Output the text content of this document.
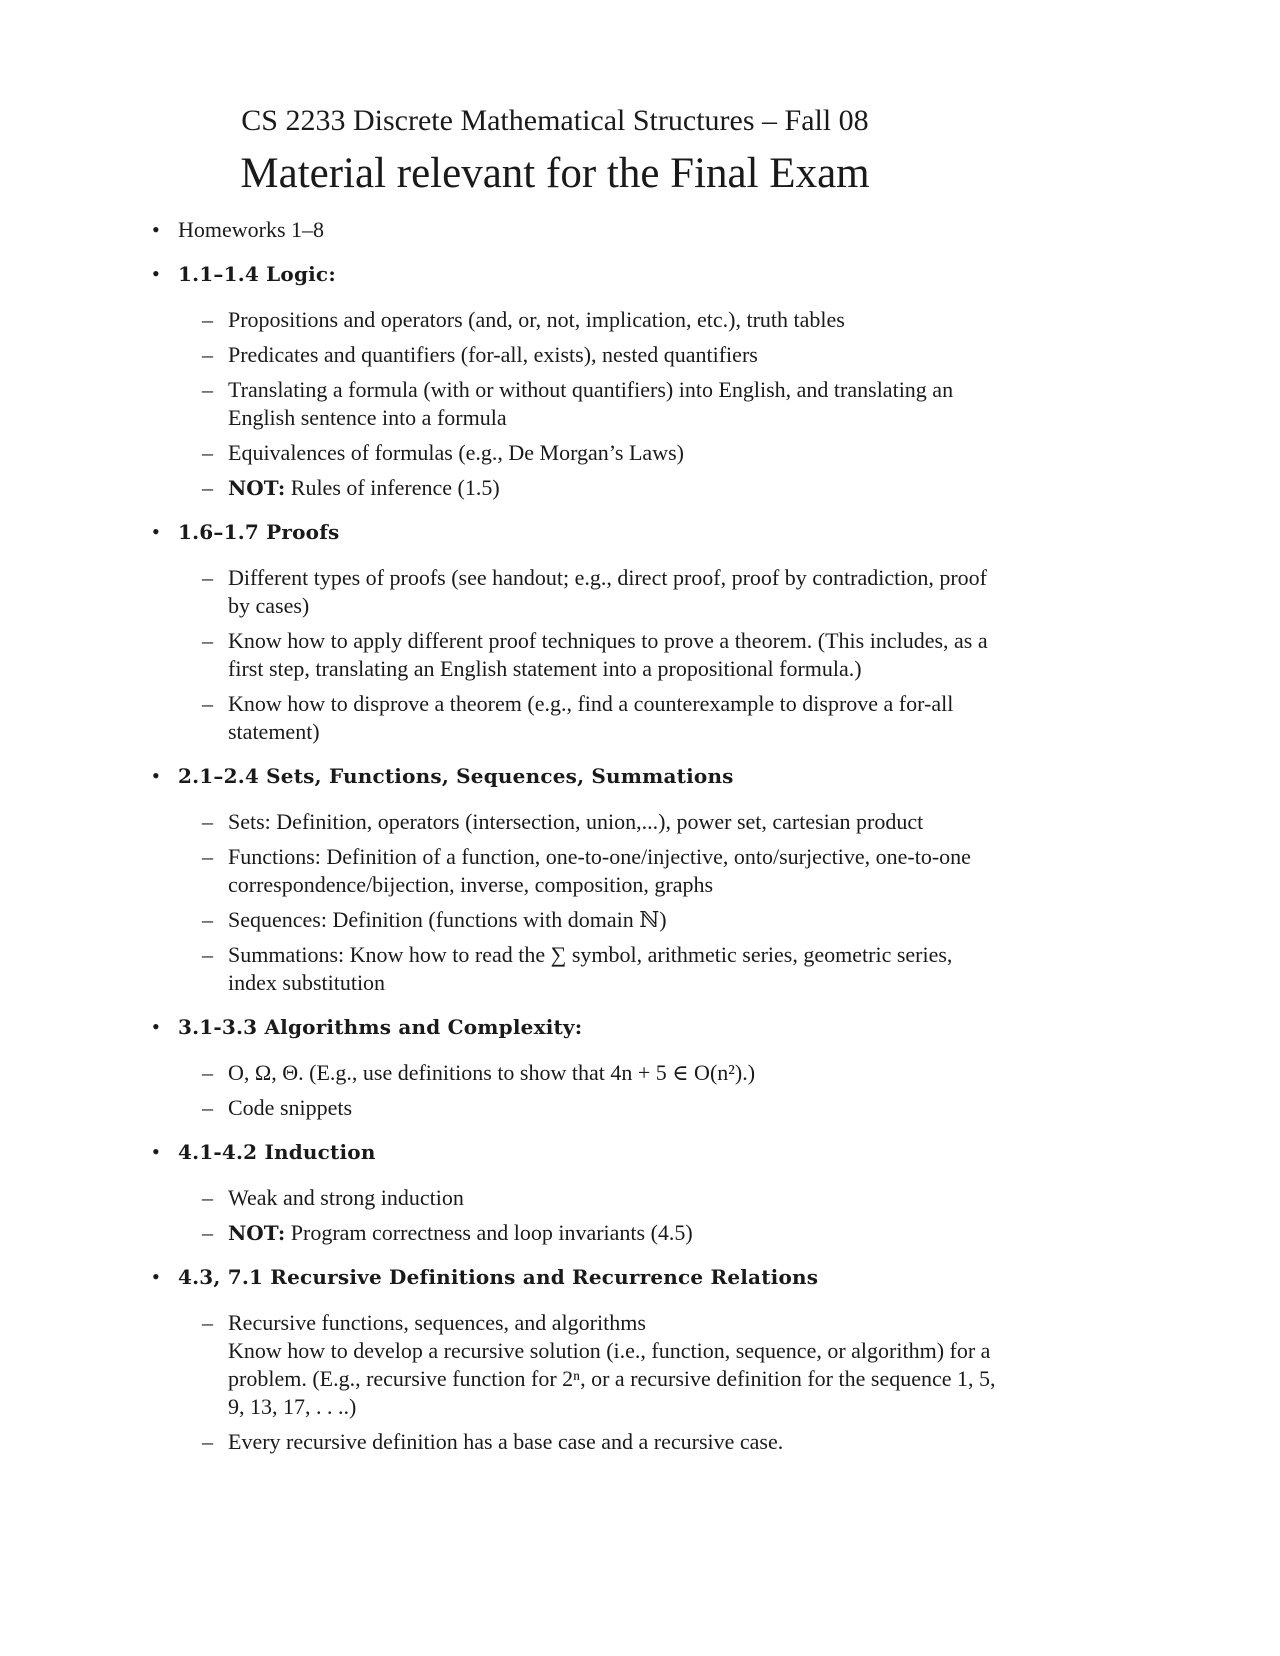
CS 2233 Discrete Mathematical Structures – Fall 08
Material relevant for the Final Exam
• Homeworks 1–8
• 1.1–1.4 Logic:
– Propositions and operators (and, or, not, implication, etc.), truth tables
– Predicates and quantifiers (for-all, exists), nested quantifiers
– Translating a formula (with or without quantifiers) into English, and translating an English sentence into a formula
– Equivalences of formulas (e.g., De Morgan’s Laws)
– NOT: Rules of inference (1.5)
• 1.6–1.7 Proofs
– Different types of proofs (see handout; e.g., direct proof, proof by contradiction, proof by cases)
– Know how to apply different proof techniques to prove a theorem. (This includes, as a first step, translating an English statement into a propositional formula.)
– Know how to disprove a theorem (e.g., find a counterexample to disprove a for-all statement)
• 2.1–2.4 Sets, Functions, Sequences, Summations
– Sets: Definition, operators (intersection, union,...), power set, cartesian product
– Functions: Definition of a function, one-to-one/injective, onto/surjective, one-to-one correspondence/bijection, inverse, composition, graphs
– Sequences: Definition (functions with domain ℕ)
– Summations: Know how to read the ∑ symbol, arithmetic series, geometric series, index substitution
• 3.1-3.3 Algorithms and Complexity:
– O, Ω, Θ. (E.g., use definitions to show that 4n + 5 ∈ O(n²).)
– Code snippets
• 4.1-4.2 Induction
– Weak and strong induction
– NOT: Program correctness and loop invariants (4.5)
• 4.3, 7.1 Recursive Definitions and Recurrence Relations
– Recursive functions, sequences, and algorithms
Know how to develop a recursive solution (i.e., function, sequence, or algorithm) for a problem. (E.g., recursive function for 2ⁿ, or a recursive definition for the sequence 1, 5, 9, 13, 17, . . ..)
– Every recursive definition has a base case and a recursive case.
